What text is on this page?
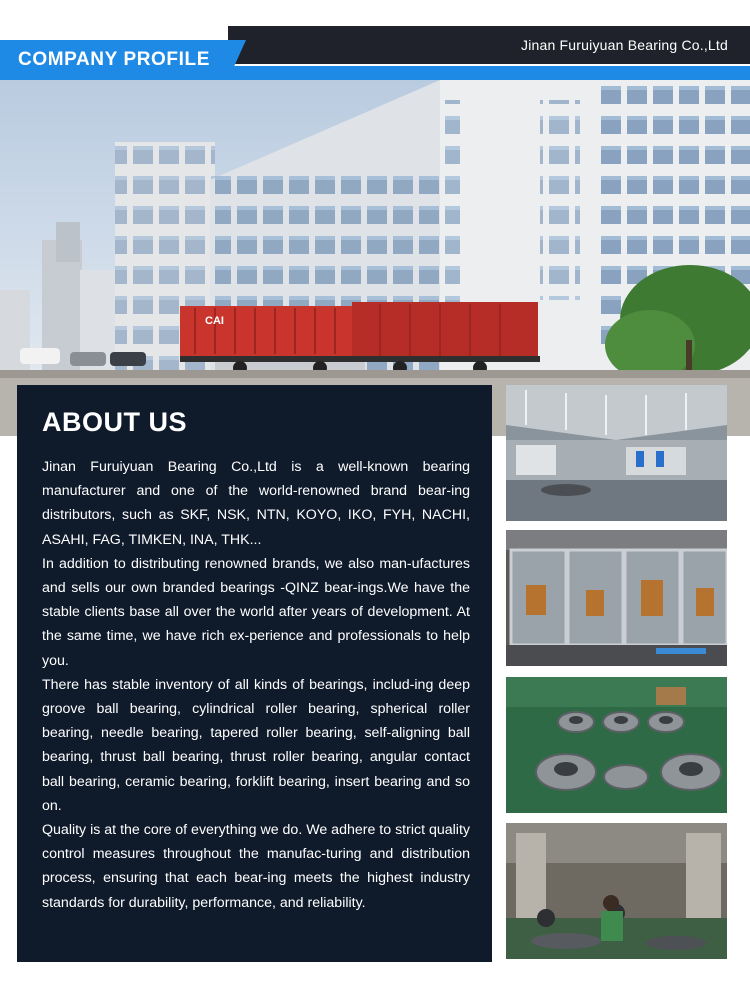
Jinan Furuiyuan Bearing Co.,Ltd
COMPANY PROFILE
CAI
ABOUT US

Jinan Furuiyuan Bearing Co.,Ltd is a well-known bearing manufacturer and one of the world-renowned brand bear-ing distributors, such as SKF, NSK, NTN, KOYO, IKO, FYH, NACHI, ASAHI, FAG, TIMKEN, INA, THK...

In addition to distributing renowned brands, we also man-ufactures and sells our own branded bearings -QINZ bear-ings.We have the stable clients base all over the world after years of development. At the same time, we have rich ex-perience and professionals to help you.

There has stable inventory of all kinds of bearings, includ-ing deep groove ball bearing, cylindrical roller bearing, spherical roller bearing, needle bearing, tapered roller bearing, self-aligning ball bearing, thrust ball bearing, thrust roller bearing, angular contact ball bearing, ceramic bearing, forklift bearing, insert bearing and so on.

Quality is at the core of everything we do. We adhere to strict quality control measures throughout the manufac-turing and distribution process, ensuring that each bear-ing meets the highest industry standards for durability, performance, and reliability.
